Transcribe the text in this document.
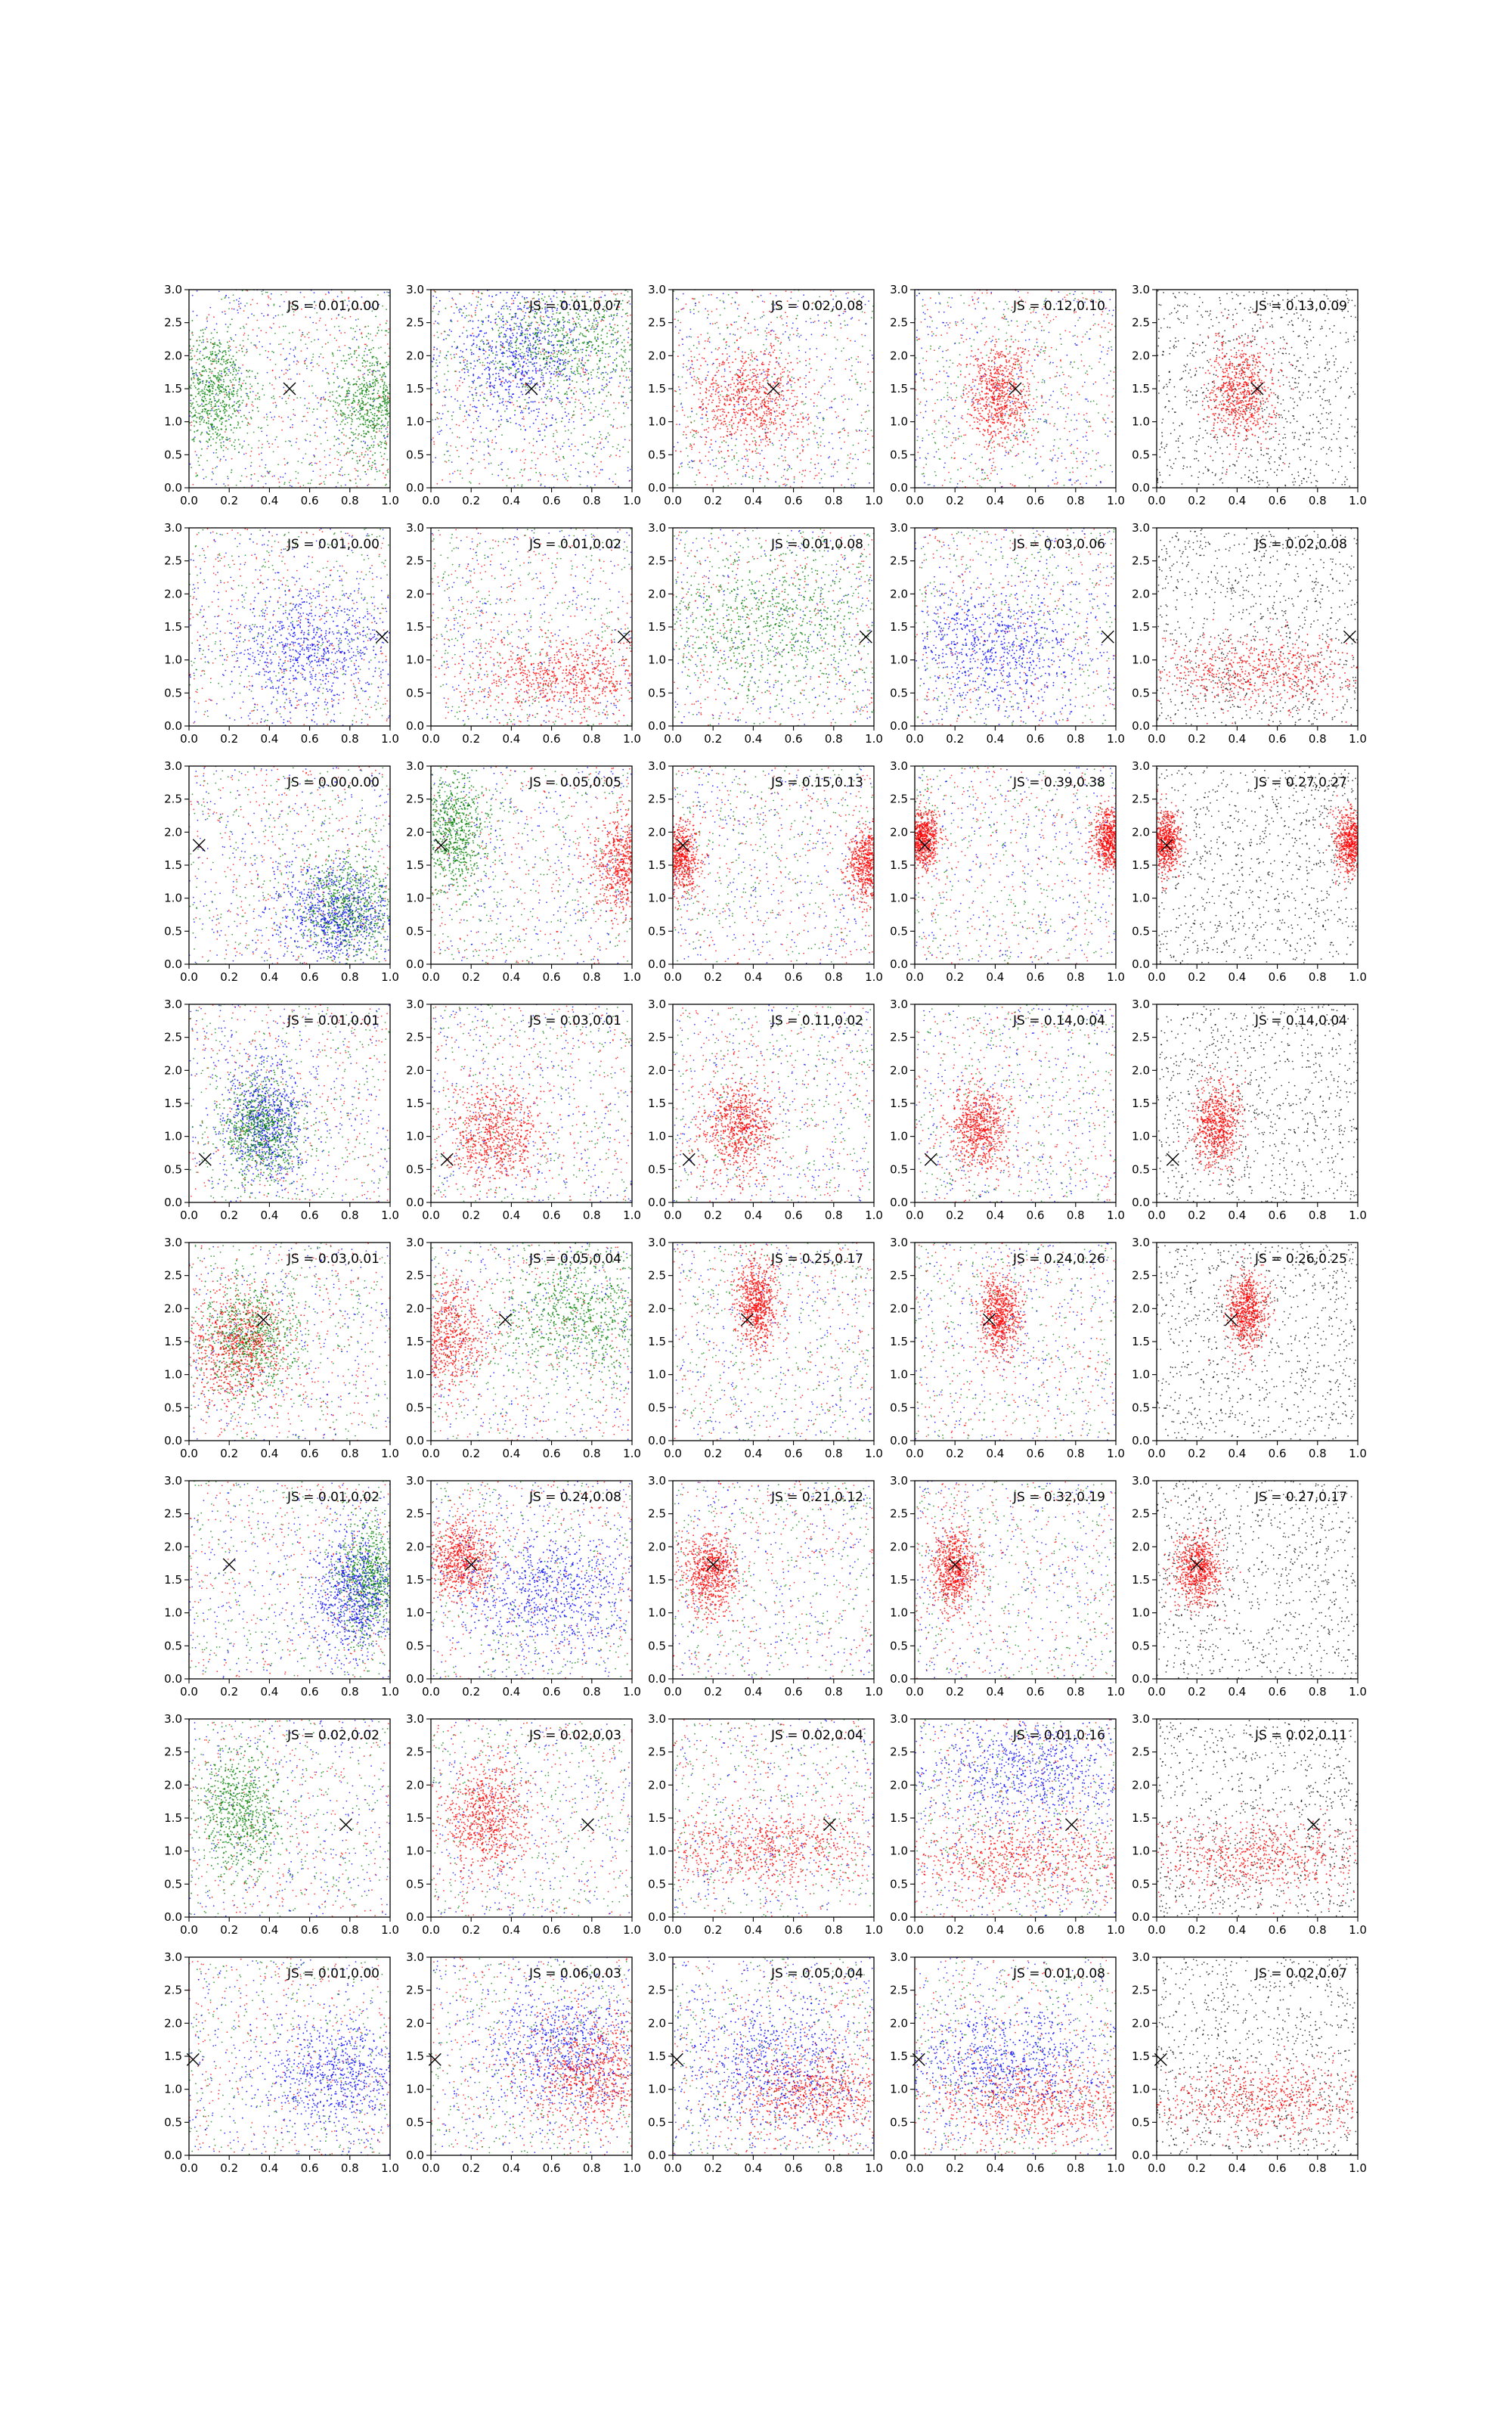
0.0 0.2 0.4 0.6 0.8 1.0
0.0
0.5
1.0
1.5
2.0
2.5
3.0
JS = 0.01,0.00
0.0 0.2 0.4 0.6 0.8 1.0
0.0
0.5
1.0
1.5
2.0
2.5
3.0
JS = 0.01,0.07
0.0 0.2 0.4 0.6 0.8 1.0
0.0
0.5
1.0
1.5
2.0
2.5
3.0
JS = 0.02,0.08
0.0 0.2 0.4 0.6 0.8 1.0
0.0
0.5
1.0
1.5
2.0
2.5
3.0
JS = 0.12,0.10
0.0 0.2 0.4 0.6 0.8 1.0
0.0
0.5
1.0
1.5
2.0
2.5
3.0
JS = 0.13,0.09
0.0 0.2 0.4 0.6 0.8 1.0
0.0
0.5
1.0
1.5
2.0
2.5
3.0
JS = 0.01,0.00
0.0 0.2 0.4 0.6 0.8 1.0
0.0
0.5
1.0
1.5
2.0
2.5
3.0
JS = 0.01,0.02
0.0 0.2 0.4 0.6 0.8 1.0
0.0
0.5
1.0
1.5
2.0
2.5
3.0
JS = 0.01,0.08
0.0 0.2 0.4 0.6 0.8 1.0
0.0
0.5
1.0
1.5
2.0
2.5
3.0
JS = 0.03,0.06
0.0 0.2 0.4 0.6 0.8 1.0
0.0
0.5
1.0
1.5
2.0
2.5
3.0
JS = 0.02,0.08
0.0 0.2 0.4 0.6 0.8 1.0
0.0
0.5
1.0
1.5
2.0
2.5
3.0
JS = 0.00,0.00
0.0 0.2 0.4 0.6 0.8 1.0
0.0
0.5
1.0
1.5
2.0
2.5
3.0
JS = 0.05,0.05
0.0 0.2 0.4 0.6 0.8 1.0
0.0
0.5
1.0
1.5
2.0
2.5
3.0
JS = 0.15,0.13
0.0 0.2 0.4 0.6 0.8 1.0
0.0
0.5
1.0
1.5
2.0
2.5
3.0
JS = 0.39,0.38
0.0 0.2 0.4 0.6 0.8 1.0
0.0
0.5
1.0
1.5
2.0
2.5
3.0
JS = 0.27,0.27
0.0 0.2 0.4 0.6 0.8 1.0
0.0
0.5
1.0
1.5
2.0
2.5
3.0
JS = 0.01,0.01
0.0 0.2 0.4 0.6 0.8 1.0
0.0
0.5
1.0
1.5
2.0
2.5
3.0
JS = 0.03,0.01
0.0 0.2 0.4 0.6 0.8 1.0
0.0
0.5
1.0
1.5
2.0
2.5
3.0
JS = 0.11,0.02
0.0 0.2 0.4 0.6 0.8 1.0
0.0
0.5
1.0
1.5
2.0
2.5
3.0
JS = 0.14,0.04
0.0 0.2 0.4 0.6 0.8 1.0
0.0
0.5
1.0
1.5
2.0
2.5
3.0
JS = 0.14,0.04
0.0 0.2 0.4 0.6 0.8 1.0
0.0
0.5
1.0
1.5
2.0
2.5
3.0
JS = 0.03,0.01
0.0 0.2 0.4 0.6 0.8 1.0
0.0
0.5
1.0
1.5
2.0
2.5
3.0
JS = 0.05,0.04
0.0 0.2 0.4 0.6 0.8 1.0
0.0
0.5
1.0
1.5
2.0
2.5
3.0
JS = 0.25,0.17
0.0 0.2 0.4 0.6 0.8 1.0
0.0
0.5
1.0
1.5
2.0
2.5
3.0
JS = 0.24,0.26
0.0 0.2 0.4 0.6 0.8 1.0
0.0
0.5
1.0
1.5
2.0
2.5
3.0
JS = 0.26,0.25
0.0 0.2 0.4 0.6 0.8 1.0
0.0
0.5
1.0
1.5
2.0
2.5
3.0
JS = 0.01,0.02
0.0 0.2 0.4 0.6 0.8 1.0
0.0
0.5
1.0
1.5
2.0
2.5
3.0
JS = 0.24,0.08
0.0 0.2 0.4 0.6 0.8 1.0
0.0
0.5
1.0
1.5
2.0
2.5
3.0
JS = 0.21,0.12
0.0 0.2 0.4 0.6 0.8 1.0
0.0
0.5
1.0
1.5
2.0
2.5
3.0
JS = 0.32,0.19
0.0 0.2 0.4 0.6 0.8 1.0
0.0
0.5
1.0
1.5
2.0
2.5
3.0
JS = 0.27,0.17
0.0 0.2 0.4 0.6 0.8 1.0
0.0
0.5
1.0
1.5
2.0
2.5
3.0
JS = 0.02,0.02
0.0 0.2 0.4 0.6 0.8 1.0
0.0
0.5
1.0
1.5
2.0
2.5
3.0
JS = 0.02,0.03
0.0 0.2 0.4 0.6 0.8 1.0
0.0
0.5
1.0
1.5
2.0
2.5
3.0
JS = 0.02,0.04
0.0 0.2 0.4 0.6 0.8 1.0
0.0
0.5
1.0
1.5
2.0
2.5
3.0
JS = 0.01,0.16
0.0 0.2 0.4 0.6 0.8 1.0
0.0
0.5
1.0
1.5
2.0
2.5
3.0
JS = 0.02,0.11
0.0 0.2 0.4 0.6 0.8 1.0
0.0
0.5
1.0
1.5
2.0
2.5
3.0
JS = 0.01,0.00
0.0 0.2 0.4 0.6 0.8 1.0
0.0
0.5
1.0
1.5
2.0
2.5
3.0
JS = 0.06,0.03
0.0 0.2 0.4 0.6 0.8 1.0
0.0
0.5
1.0
1.5
2.0
2.5
3.0
JS = 0.05,0.04
0.0 0.2 0.4 0.6 0.8 1.0
0.0
0.5
1.0
1.5
2.0
2.5
3.0
JS = 0.01,0.08
0.0 0.2 0.4 0.6 0.8 1.0
0.0
0.5
1.0
1.5
2.0
2.5
3.0
JS = 0.02,0.07
